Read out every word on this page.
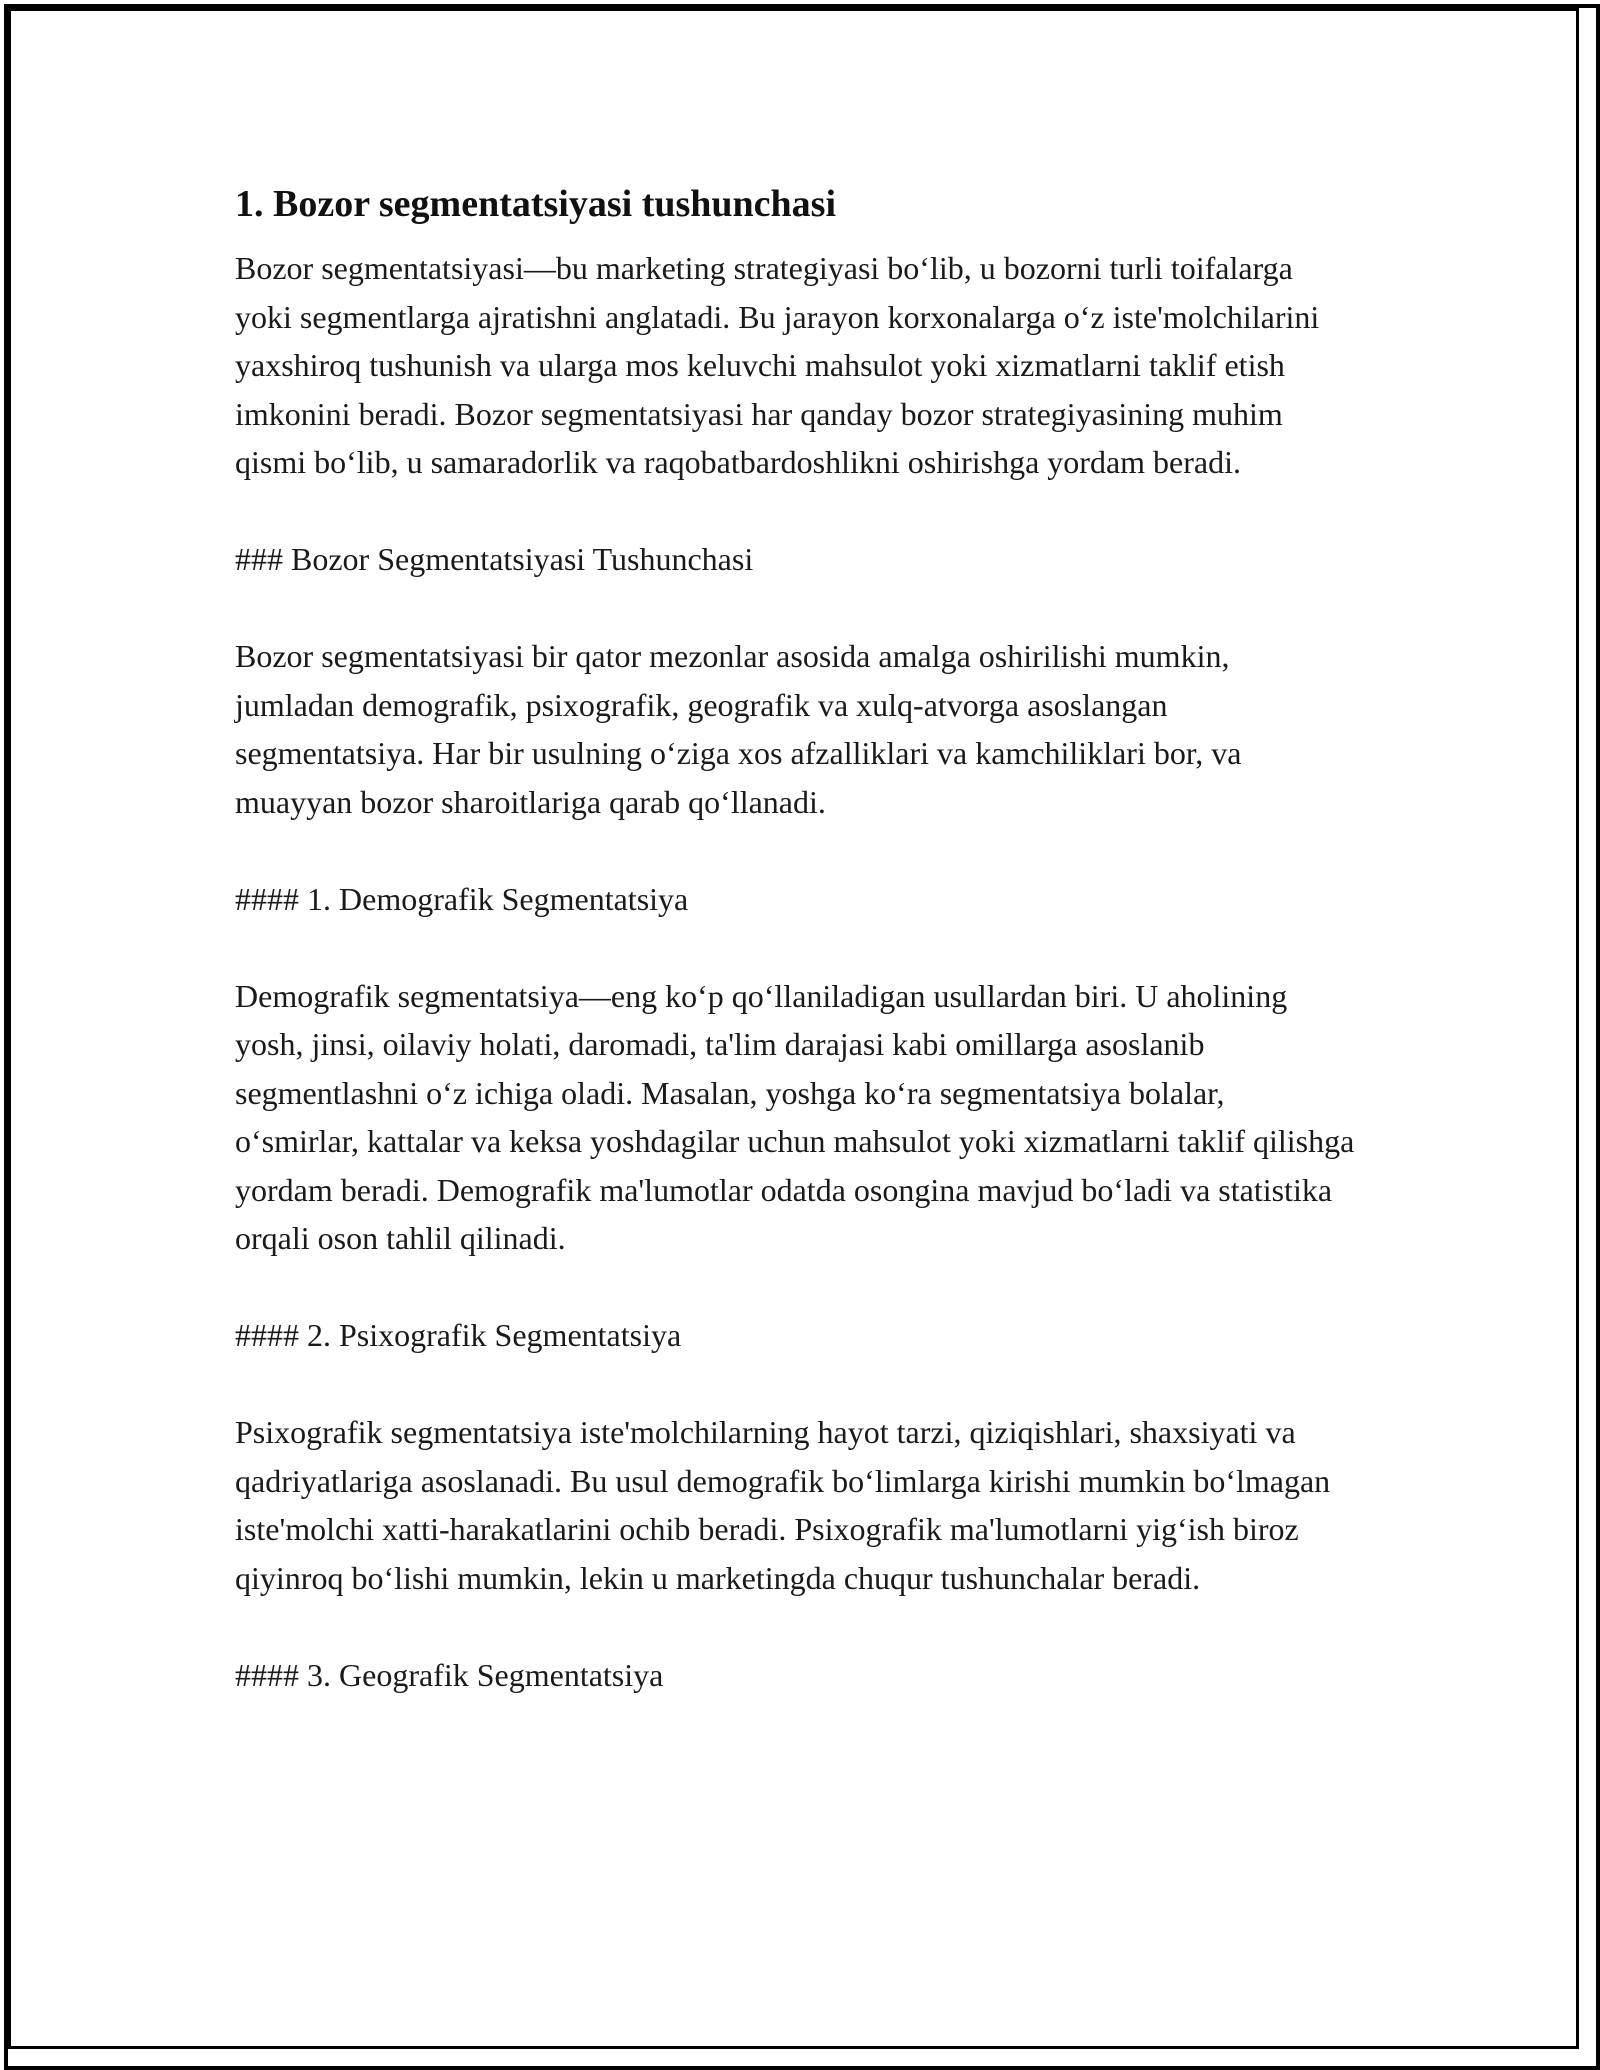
1. Bozor segmentatsiyasi tushunchasi

Bozor segmentatsiyasi—bu marketing strategiyasi bo‘lib, u bozorni turli toifalarga yoki segmentlarga ajratishni anglatadi. Bu jarayon korxonalarga o‘z iste'molchilarini yaxshiroq tushunish va ularga mos keluvchi mahsulot yoki xizmatlarni taklif etish imkonini beradi. Bozor segmentatsiyasi har qanday bozor strategiyasining muhim qismi bo‘lib, u samaradorlik va raqobatbardoshlikni oshirishga yordam beradi.

### Bozor Segmentatsiyasi Tushunchasi

Bozor segmentatsiyasi bir qator mezonlar asosida amalga oshirilishi mumkin, jumladan demografik, psixografik, geografik va xulq-atvorga asoslangan segmentatsiya. Har bir usulning o‘ziga xos afzalliklari va kamchiliklari bor, va muayyan bozor sharoitlariga qarab qo‘llanadi.

#### 1. Demografik Segmentatsiya

Demografik segmentatsiya—eng ko‘p qo‘llaniladigan usullardan biri. U aholining yosh, jinsi, oilaviy holati, daromadi, ta'lim darajasi kabi omillarga asoslanib segmentlashni o‘z ichiga oladi. Masalan, yoshga ko‘ra segmentatsiya bolalar, o‘smirlar, kattalar va keksa yoshdagilar uchun mahsulot yoki xizmatlarni taklif qilishga yordam beradi. Demografik ma'lumotlar odatda osongina mavjud bo‘ladi va statistika orqali oson tahlil qilinadi.

#### 2. Psixografik Segmentatsiya

Psixografik segmentatsiya iste'molchilarning hayot tarzi, qiziqishlari, shaxsiyati va qadriyatlariga asoslanadi. Bu usul demografik bo‘limlarga kirishi mumkin bo‘lmagan iste'molchi xatti-harakatlarini ochib beradi. Psixografik ma'lumotlarni yig‘ish biroz qiyinroq bo‘lishi mumkin, lekin u marketingda chuqur tushunchalar beradi.

#### 3. Geografik Segmentatsiya
